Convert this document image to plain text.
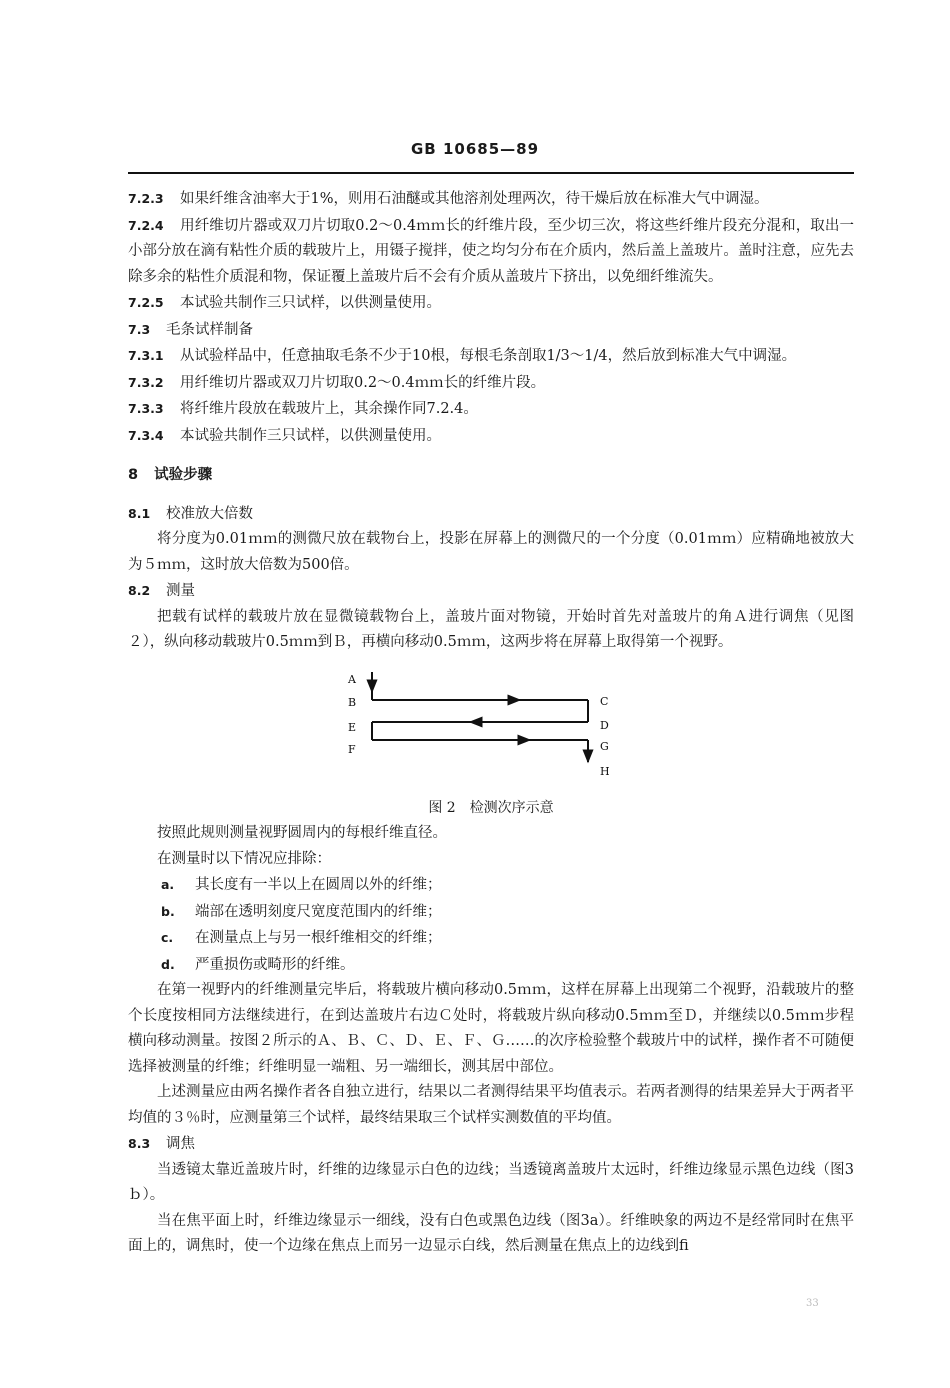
GB 10685—89

7.2.3 如果纤维含油率大于1%，则用石油醚或其他溶剂处理两次，待干燥后放在标准大气中调湿。

7.2.4 用纤维切片器或双刀片切取0.2～0.4ｍｍ长的纤维片段，至少切三次，将这些纤维片段充分混和，取出一小部分放在滴有粘性介质的载玻片上，用镊子搅拌，使之均匀分布在介质内，然后盖上盖玻片。盖时注意，应先去除多余的粘性介质混和物，保证覆上盖玻片后不会有介质从盖玻片下挤出，以免细纤维流失。

7.2.5 本试验共制作三只试样，以供测量使用。

7.3 毛条试样制备

7.3.1 从试验样品中，任意抽取毛条不少于10根，每根毛条剖取1/3～1/4，然后放到标准大气中调湿。

7.3.2 用纤维切片器或双刀片切取0.2～0.4ｍｍ长的纤维片段。

7.3.3 将纤维片段放在载玻片上，其余操作同7.2.4。

7.3.4 本试验共制作三只试样，以供测量使用。

8 试验步骤

8.1 校准放大倍数

将分度为0.01ｍｍ的测微尺放在载物台上，投影在屏幕上的测微尺的一个分度（0.01ｍｍ）应精确地被放大为５ｍｍ，这时放大倍数为500倍。

8.2 测量

把载有试样的载玻片放在显微镜载物台上，盖玻片面对物镜，开始时首先对盖玻片的角Ａ进行调焦（见图２），纵向移动载玻片0.5ｍｍ到Ｂ，再横向移动0.5ｍｍ，这两步将在屏幕上取得第一个视野。

A
B	C
D
E
F	G
H

图 2 检测次序示意

按照此规则测量视野圆周内的每根纤维直径。

在测量时以下情况应排除：

a. 其长度有一半以上在圆周以外的纤维；
b. 端部在透明刻度尺宽度范围内的纤维；
c. 在测量点上与另一根纤维相交的纤维；
d. 严重损伤或畸形的纤维。

在第一视野内的纤维测量完毕后，将载玻片横向移动0.5ｍｍ，这样在屏幕上出现第二个视野，沿载玻片的整个长度按相同方法继续进行，在到达盖玻片右边Ｃ处时，将载玻片纵向移动0.5ｍｍ至Ｄ，并继续以0.5ｍｍ步程横向移动测量。按图２所示的Ａ、Ｂ、Ｃ、Ｄ、Ｅ、Ｆ、Ｇ……的次序检验整个载玻片中的试样，操作者不可随便选择被测量的纤维；纤维明显一端粗、另一端细长，测其居中部位。

上述测量应由两名操作者各自独立进行，结果以二者测得结果平均值表示。若两者测得的结果差异大于两者平均值的３％时，应测量第三个试样，最终结果取三个试样实测数值的平均值。

8.3 调焦

当透镜太靠近盖玻片时，纤维的边缘显示白色的边线；当透镜离盖玻片太远时，纤维边缘显示黑色边线（图3ｂ）。

当在焦平面上时，纤维边缘显示一细线，没有白色或黑色边线（图3a）。纤维映象的两边不是经常同时在焦平面上的，调焦时，使一个边缘在焦点上而另一边显示白线，然后测量在焦点上的边线到fi

33
